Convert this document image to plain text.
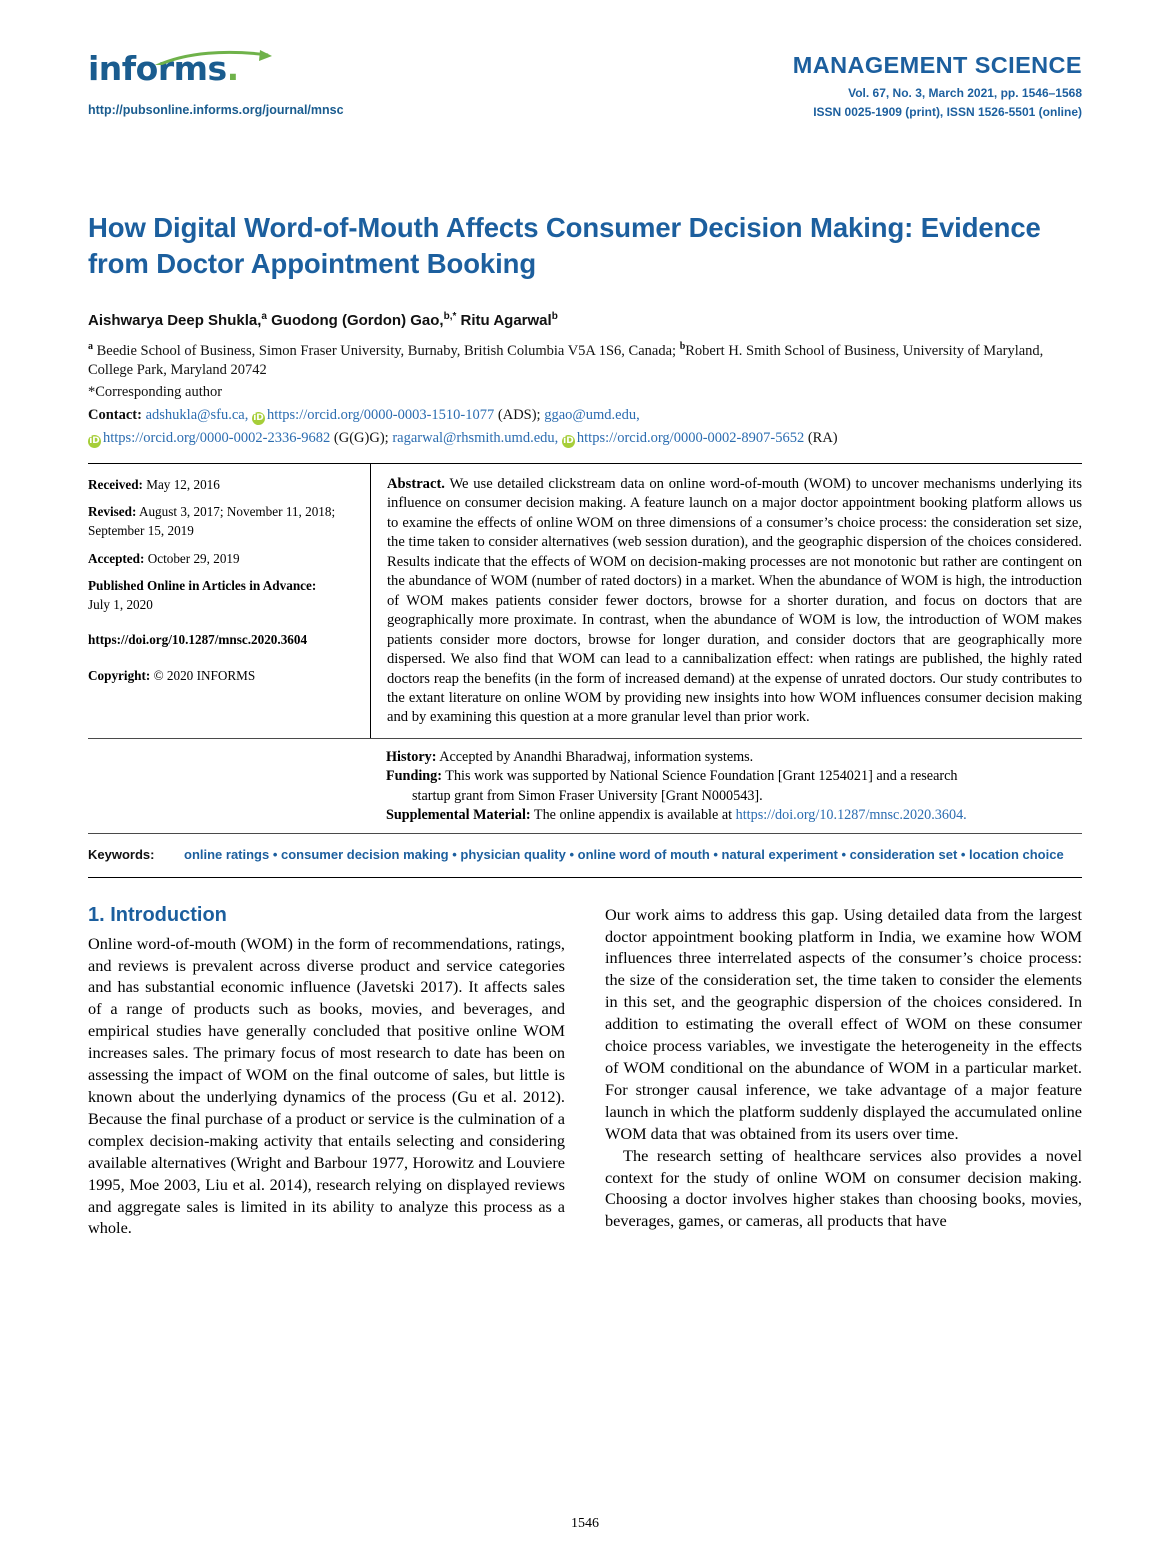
informs.
http://pubsonline.informs.org/journal/mnsc
MANAGEMENT SCIENCE
Vol. 67, No. 3, March 2021, pp. 1546–1568
ISSN 0025-1909 (print), ISSN 1526-5501 (online)
How Digital Word-of-Mouth Affects Consumer Decision Making: Evidence from Doctor Appointment Booking
Aishwarya Deep Shukla,$^a$ Guodong (Gordon) Gao,$^{b,*}$ Ritu Agarwal$^b$
$^a$ Beedie School of Business, Simon Fraser University, Burnaby, British Columbia V5A 1S6, Canada; $^b$Robert H. Smith School of Business, University of Maryland, College Park, Maryland 20742
*Corresponding author
Contact: adshukla@sfu.ca, iD https://orcid.org/0000-0003-1510-1077 (ADS); ggao@umd.edu,
iD https://orcid.org/0000-0002-2336-9682 (G(G)G); ragarwal@rhsmith.umd.edu, iD https://orcid.org/0000-0002-8907-5652 (RA)
Received: May 12, 2016
Revised: August 3, 2017; November 11, 2018; September 15, 2019
Accepted: October 29, 2019
Published Online in Articles in Advance:
July 1, 2020
https://doi.org/10.1287/mnsc.2020.3604
Copyright: © 2020 INFORMS
Abstract. We use detailed clickstream data on online word-of-mouth (WOM) to uncover mechanisms underlying its influence on consumer decision making. A feature launch on a major doctor appointment booking platform allows us to examine the effects of online WOM on three dimensions of a consumer’s choice process: the consideration set size, the time taken to consider alternatives (web session duration), and the geographic dispersion of the choices considered. Results indicate that the effects of WOM on decision-making processes are not monotonic but rather are contingent on the abundance of WOM (number of rated doctors) in a market. When the abundance of WOM is high, the introduction of WOM makes patients consider fewer doctors, browse for a shorter duration, and focus on doctors that are geographically more proximate. In contrast, when the abundance of WOM is low, the introduction of WOM makes patients consider more doctors, browse for longer duration, and consider doctors that are geographically more dispersed. We also find that WOM can lead to a cannibalization effect: when ratings are published, the highly rated doctors reap the benefits (in the form of increased demand) at the expense of unrated doctors. Our study contributes to the extant literature on online WOM by providing new insights into how WOM influences consumer decision making and by examining this question at a more granular level than prior work.
History: Accepted by Anandhi Bharadwaj, information systems.
Funding: This work was supported by National Science Foundation [Grant 1254021] and a research
startup grant from Simon Fraser University [Grant N000543].
Supplemental Material: The online appendix is available at https://doi.org/10.1287/mnsc.2020.3604.
Keywords:	online ratings • consumer decision making • physician quality • online word of mouth • natural experiment • consideration set • location choice
1. Introduction

Online word-of-mouth (WOM) in the form of recommendations, ratings, and reviews is prevalent across diverse product and service categories and has substantial economic influence (Javetski 2017). It affects sales of a range of products such as books, movies, and beverages, and empirical studies have generally concluded that positive online WOM increases sales. The primary focus of most research to date has been on assessing the impact of WOM on the final outcome of sales, but little is known about the underlying dynamics of the process (Gu et al. 2012). Because the final purchase of a product or service is the culmination of a complex decision-making activity that entails selecting and considering available alternatives (Wright and Barbour 1977, Horowitz and Louviere 1995, Moe 2003, Liu et al. 2014), research relying on displayed reviews and aggregate sales is limited in its ability to analyze this process as a whole.

Our work aims to address this gap. Using detailed data from the largest doctor appointment booking platform in India, we examine how WOM influences three interrelated aspects of the consumer’s choice process: the size of the consideration set, the time taken to consider the elements in this set, and the geographic dispersion of the choices considered. In addition to estimating the overall effect of WOM on these consumer choice process variables, we investigate the heterogeneity in the effects of WOM conditional on the abundance of WOM in a particular market. For stronger causal inference, we take advantage of a major feature launch in which the platform suddenly displayed the accumulated online WOM data that was obtained from its users over time.

The research setting of healthcare services also provides a novel context for the study of online WOM on consumer decision making. Choosing a doctor involves higher stakes than choosing books, movies, beverages, games, or cameras, all products that have

1546
